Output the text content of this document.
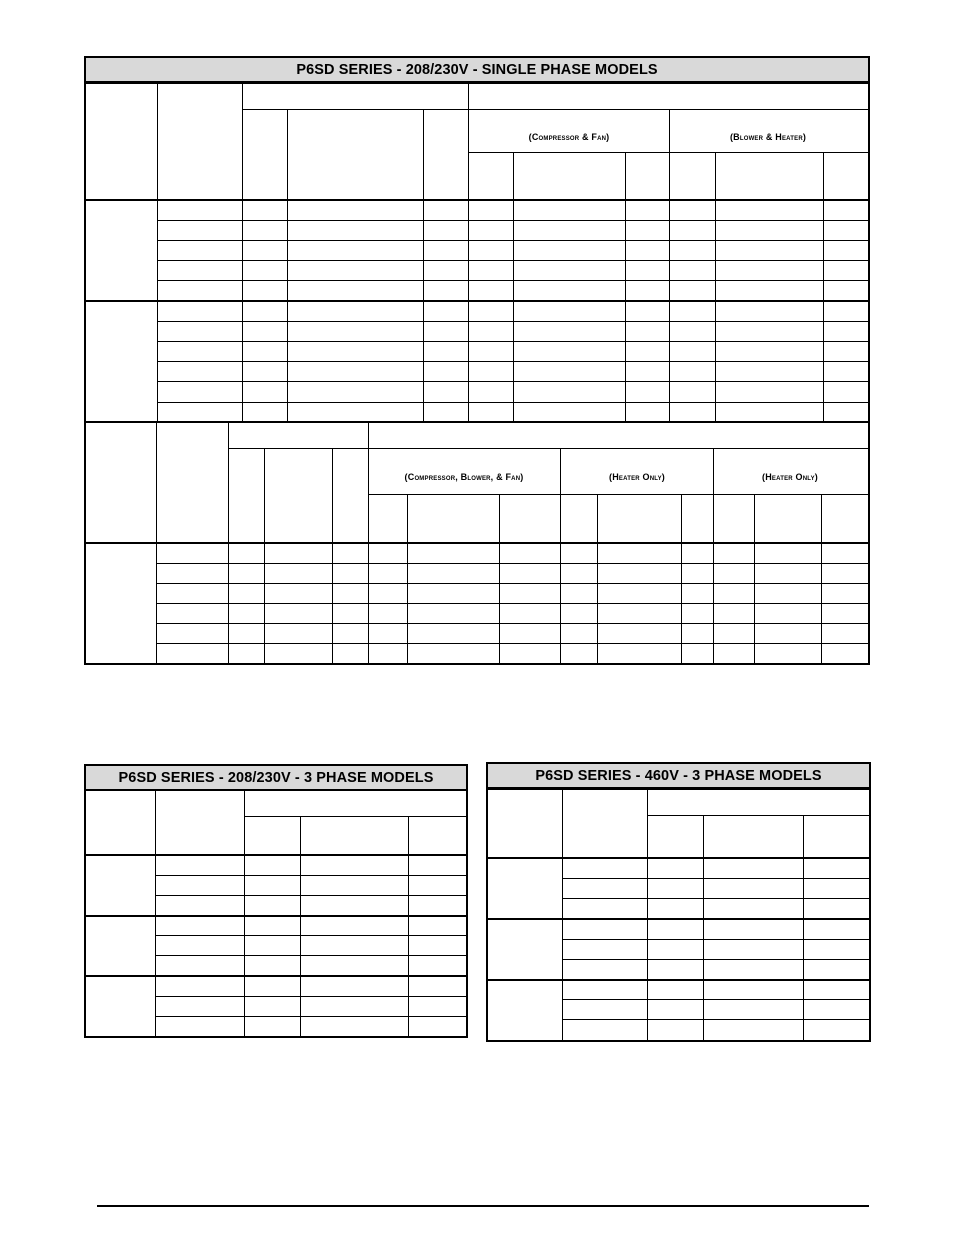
P6SD SERIES - 208/230V - SINGLE PHASE MODELS
(Compressor & Fan)	(Blower & Heater)
(Compressor, Blower, & Fan)	(Heater Only)	(Heater Only)
P6SD SERIES - 208/230V - 3 PHASE MODELS	P6SD SERIES - 460V - 3 PHASE MODELS
